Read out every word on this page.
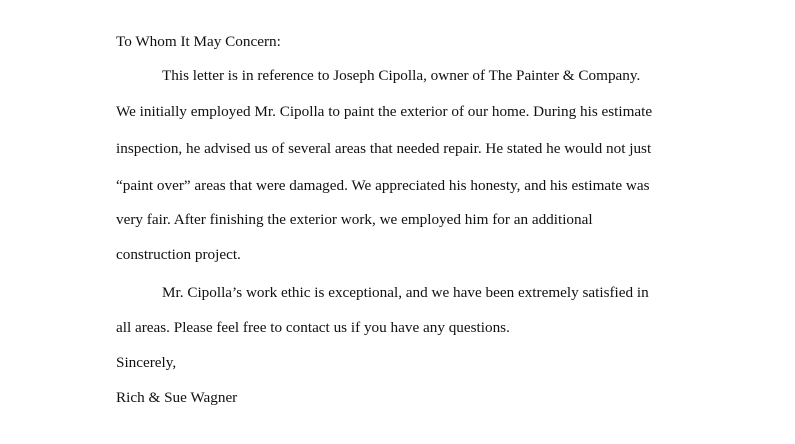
To Whom It May Concern:
This letter is in reference to Joseph Cipolla, owner of The Painter & Company.
We initially employed Mr. Cipolla to paint the exterior of our home. During his estimate
inspection, he advised us of several areas that needed repair. He stated he would not just
“paint over” areas that were damaged. We appreciated his honesty, and his estimate was
very fair. After finishing the exterior work, we employed him for an additional
construction project.
Mr. Cipolla’s work ethic is exceptional, and we have been extremely satisfied in
all areas. Please feel free to contact us if you have any questions.
Sincerely,
Rich & Sue Wagner
